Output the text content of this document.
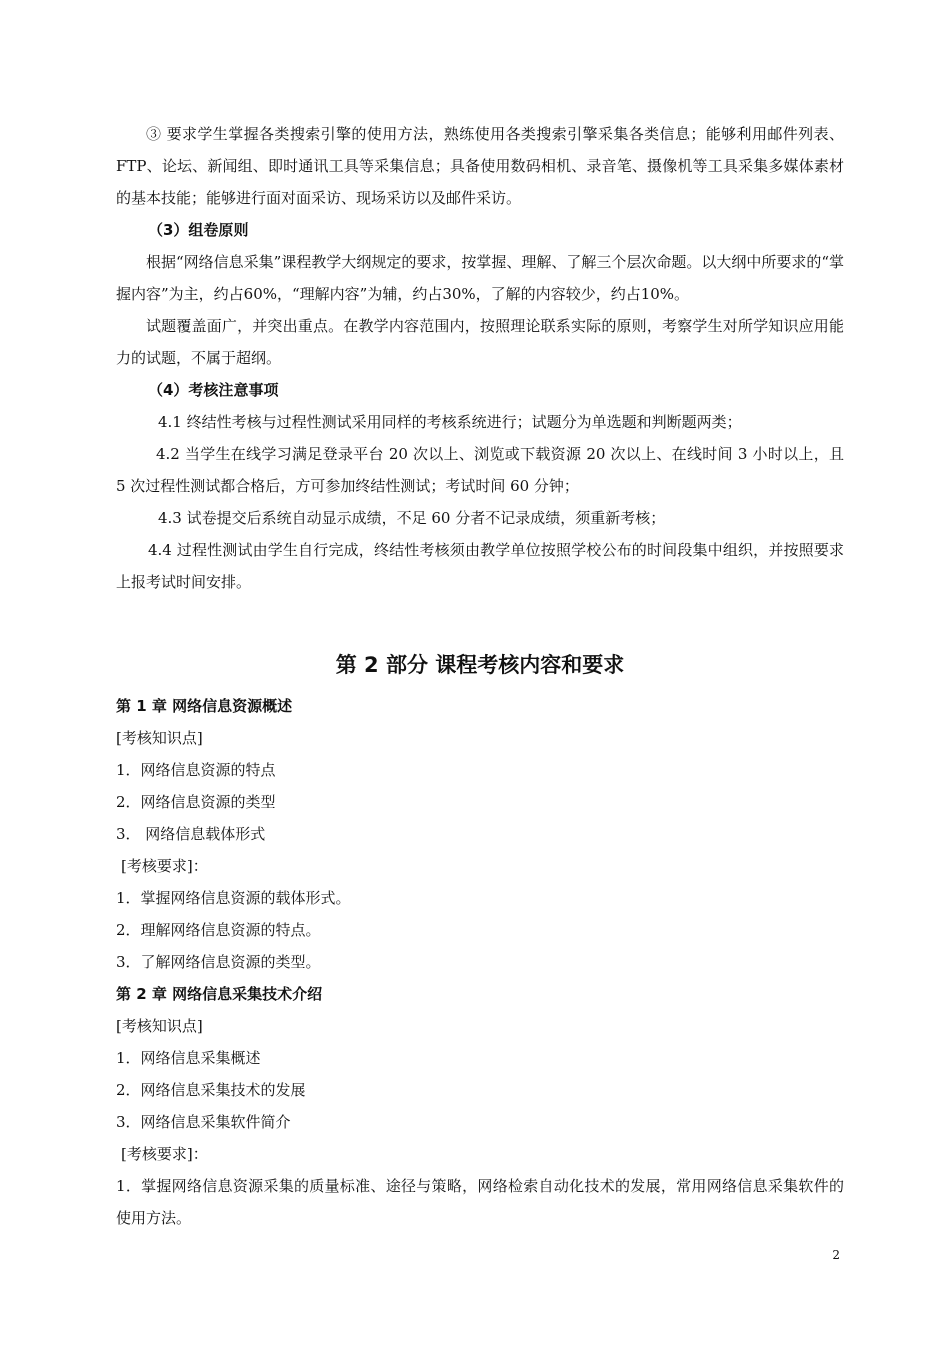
③ 要求学生掌握各类搜索引擎的使用方法，熟练使用各类搜索引擎采集各类信息；能够利用邮件列表、FTP、论坛、新闻组、即时通讯工具等采集信息；具备使用数码相机、录音笔、摄像机等工具采集多媒体素材的基本技能；能够进行面对面采访、现场采访以及邮件采访。

（3）组卷原则

根据“网络信息采集”课程教学大纲规定的要求，按掌握、理解、了解三个层次命题。以大纲中所要求的“掌握内容”为主，约占60%，“理解内容”为辅，约占30%，了解的内容较少，约占10%。

试题覆盖面广，并突出重点。在教学内容范围内，按照理论联系实际的原则，考察学生对所学知识应用能力的试题，不属于超纲。

（4）考核注意事项

4.1 终结性考核与过程性测试采用同样的考核系统进行；试题分为单选题和判断题两类；

4.2 当学生在线学习满足登录平台 20 次以上、浏览或下载资源 20 次以上、在线时间 3 小时以上，且 5 次过程性测试都合格后，方可参加终结性测试；考试时间 60 分钟；

4.3 试卷提交后系统自动显示成绩，不足 60 分者不记录成绩，须重新考核；

4.4 过程性测试由学生自行完成，终结性考核须由教学单位按照学校公布的时间段集中组织，并按照要求上报考试时间安排。

第 2 部分 课程考核内容和要求

第 1 章 网络信息资源概述

[考核知识点]

1．网络信息资源的特点

2．网络信息资源的类型

3． 网络信息载体形式

[考核要求]：

1．掌握网络信息资源的载体形式。

2．理解网络信息资源的特点。

3．了解网络信息资源的类型。

第 2 章 网络信息采集技术介绍

[考核知识点]

1．网络信息采集概述

2．网络信息采集技术的发展

3．网络信息采集软件简介

[考核要求]：

1．掌握网络信息资源采集的质量标准、途径与策略，网络检索自动化技术的发展，常用网络信息采集软件的使用方法。

2
